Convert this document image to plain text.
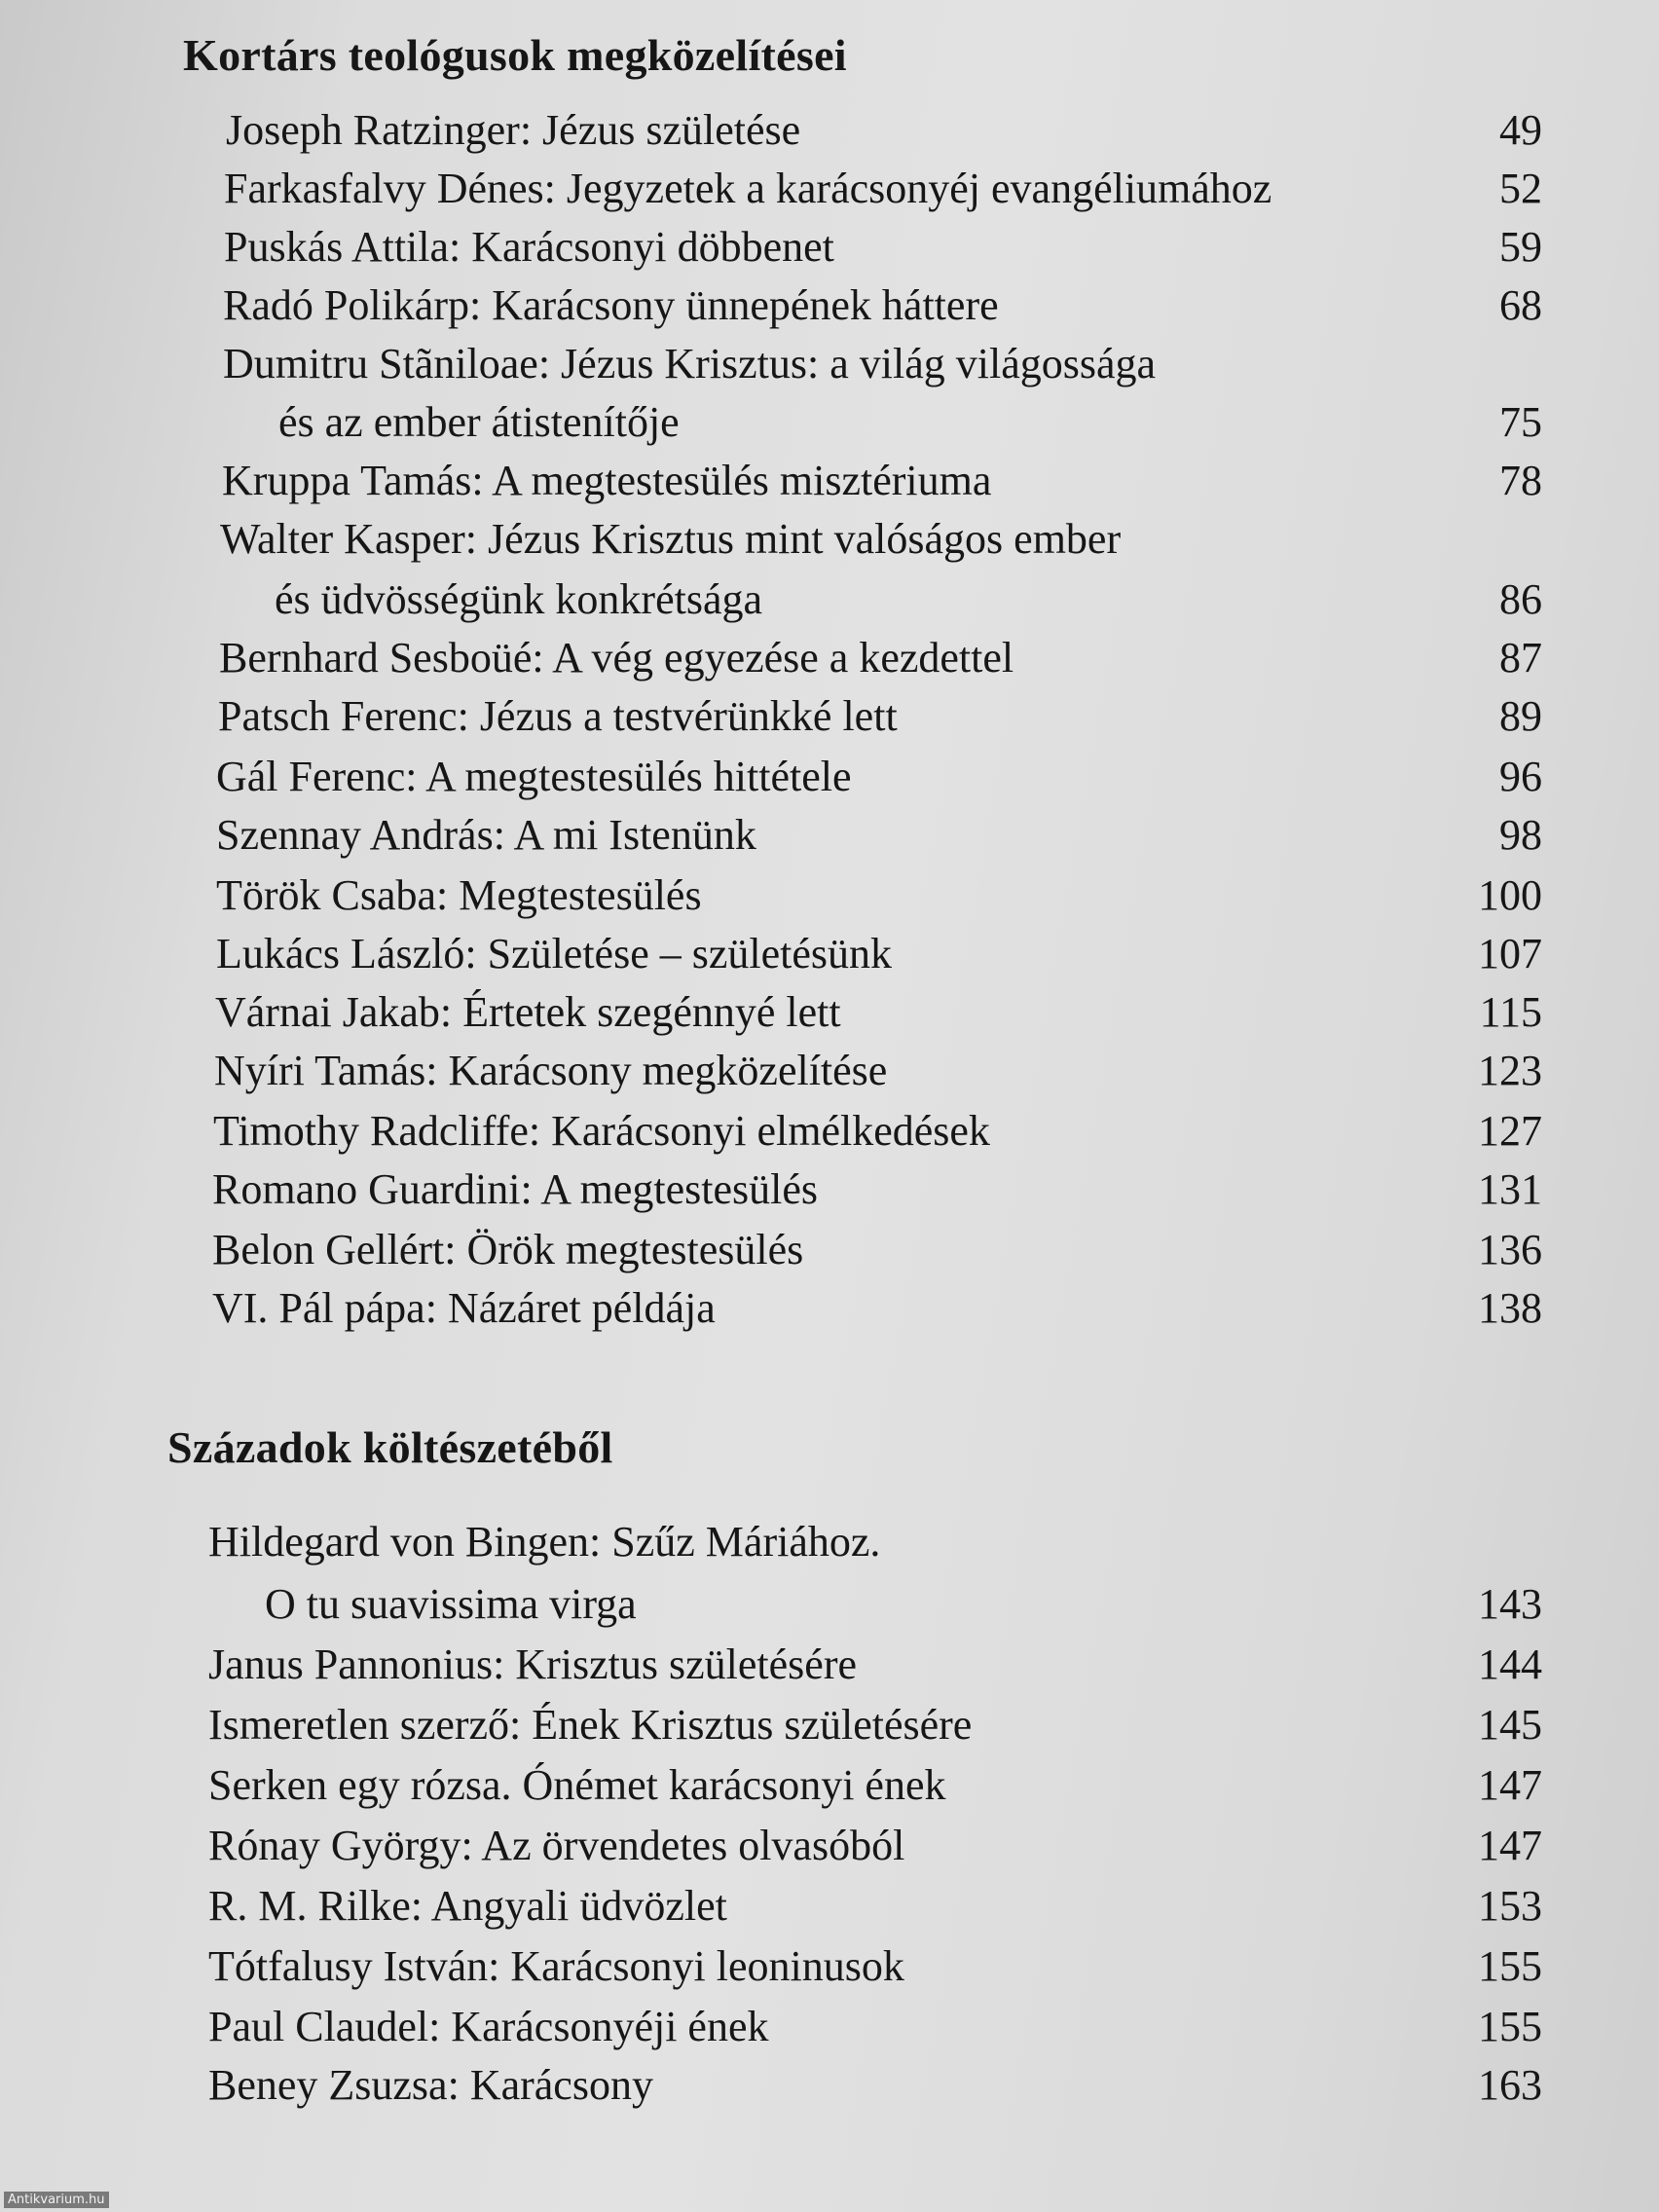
Kortárs teológusok megközelítései
Joseph Ratzinger: Jézus születése	49
Farkasfalvy Dénes: Jegyzetek a karácsonyéj evangéliumához	52
Puskás Attila: Karácsonyi döbbenet	59
Radó Polikárp: Karácsony ünnepének háttere	68
Dumitru Stãniloae: Jézus Krisztus: a világ világossága
és az ember átistenítője	75
Kruppa Tamás: A megtestesülés misztériuma	78
Walter Kasper: Jézus Krisztus mint valóságos ember
és üdvösségünk konkrétsága	86
Bernhard Sesboüé: A vég egyezése a kezdettel	87
Patsch Ferenc: Jézus a testvérünkké lett	89
Gál Ferenc: A megtestesülés hittétele	96
Szennay András: A mi Istenünk	98
Török Csaba: Megtestesülés	100
Lukács László: Születése – születésünk	107
Várnai Jakab: Értetek szegénnyé lett	115
Nyíri Tamás: Karácsony megközelítése	123
Timothy Radcliffe: Karácsonyi elmélkedések	127
Romano Guardini: A megtestesülés	131
Belon Gellért: Örök megtestesülés	136
VI. Pál pápa: Názáret példája	138
Századok költészetéből
Hildegard von Bingen: Szűz Máriához.
O tu suavissima virga	143
Janus Pannonius: Krisztus születésére	144
Ismeretlen szerző: Ének Krisztus születésére	145
Serken egy rózsa. Ónémet karácsonyi ének	147
Rónay György: Az örvendetes olvasóból	147
R. M. Rilke: Angyali üdvözlet	153
Tótfalusy István: Karácsonyi leoninusok	155
Paul Claudel: Karácsonyéji ének	155
Beney Zsuzsa: Karácsony	163
Antikvarium.hu
